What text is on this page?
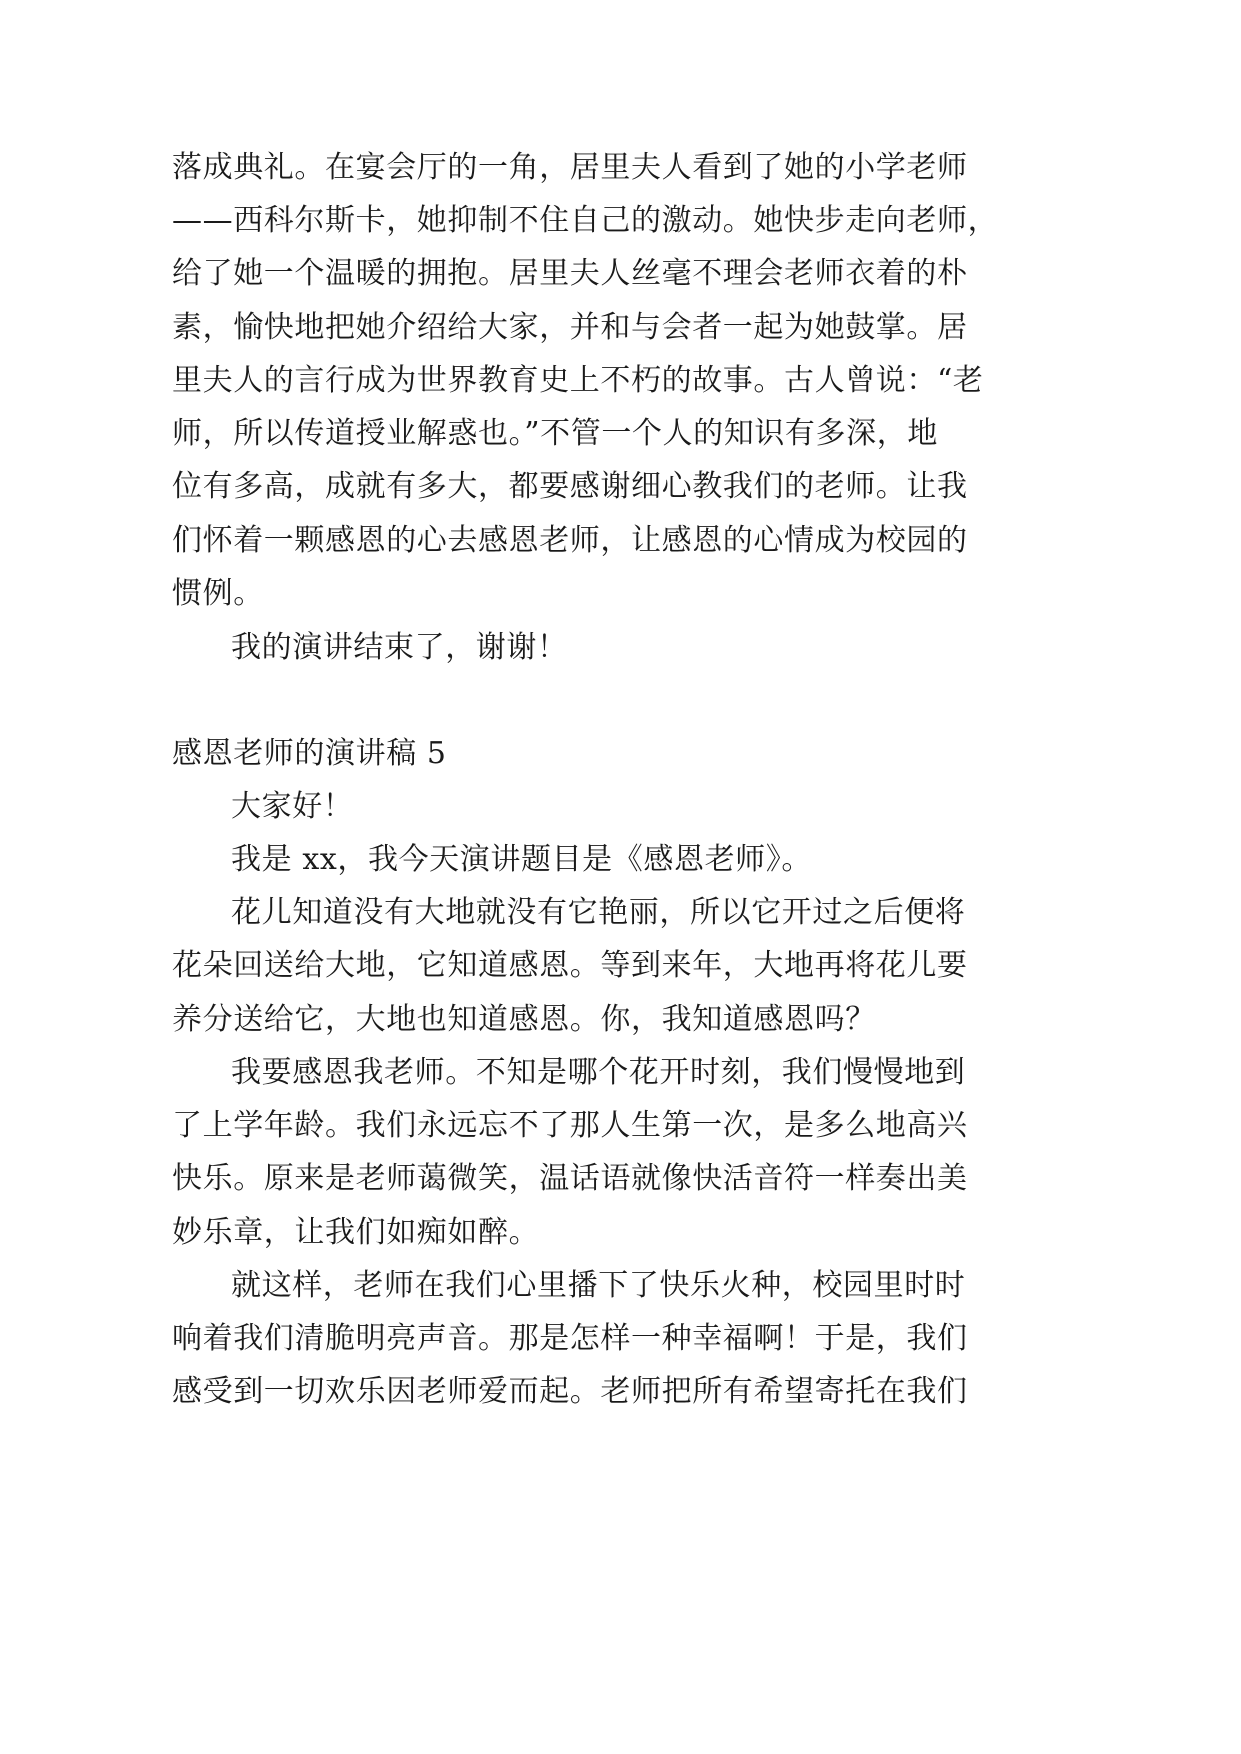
落成典礼。在宴会厅的一角，居里夫人看到了她的小学老师
——西科尔斯卡，她抑制不住自己的激动。她快步走向老师，
给了她一个温暖的拥抱。居里夫人丝毫不理会老师衣着的朴
素，愉快地把她介绍给大家，并和与会者一起为她鼓掌。居
里夫人的言行成为世界教育史上不朽的故事。古人曾说：“老
师，所以传道授业解惑也。”不管一个人的知识有多深，地
位有多高，成就有多大，都要感谢细心教我们的老师。让我
们怀着一颗感恩的心去感恩老师，让感恩的心情成为校园的
惯例。
我的演讲结束了，谢谢！
感恩老师的演讲稿 5
大家好！
我是 xx，我今天演讲题目是《感恩老师》。
花儿知道没有大地就没有它艳丽，所以它开过之后便将
花朵回送给大地，它知道感恩。等到来年，大地再将花儿要
养分送给它，大地也知道感恩。你，我知道感恩吗？
我要感恩我老师。不知是哪个花开时刻，我们慢慢地到
了上学年龄。我们永远忘不了那人生第一次，是多么地高兴
快乐。原来是老师蔼微笑，温话语就像快活音符一样奏出美
妙乐章，让我们如痴如醉。
就这样，老师在我们心里播下了快乐火种，校园里时时
响着我们清脆明亮声音。那是怎样一种幸福啊！于是，我们
感受到一切欢乐因老师爱而起。老师把所有希望寄托在我们
